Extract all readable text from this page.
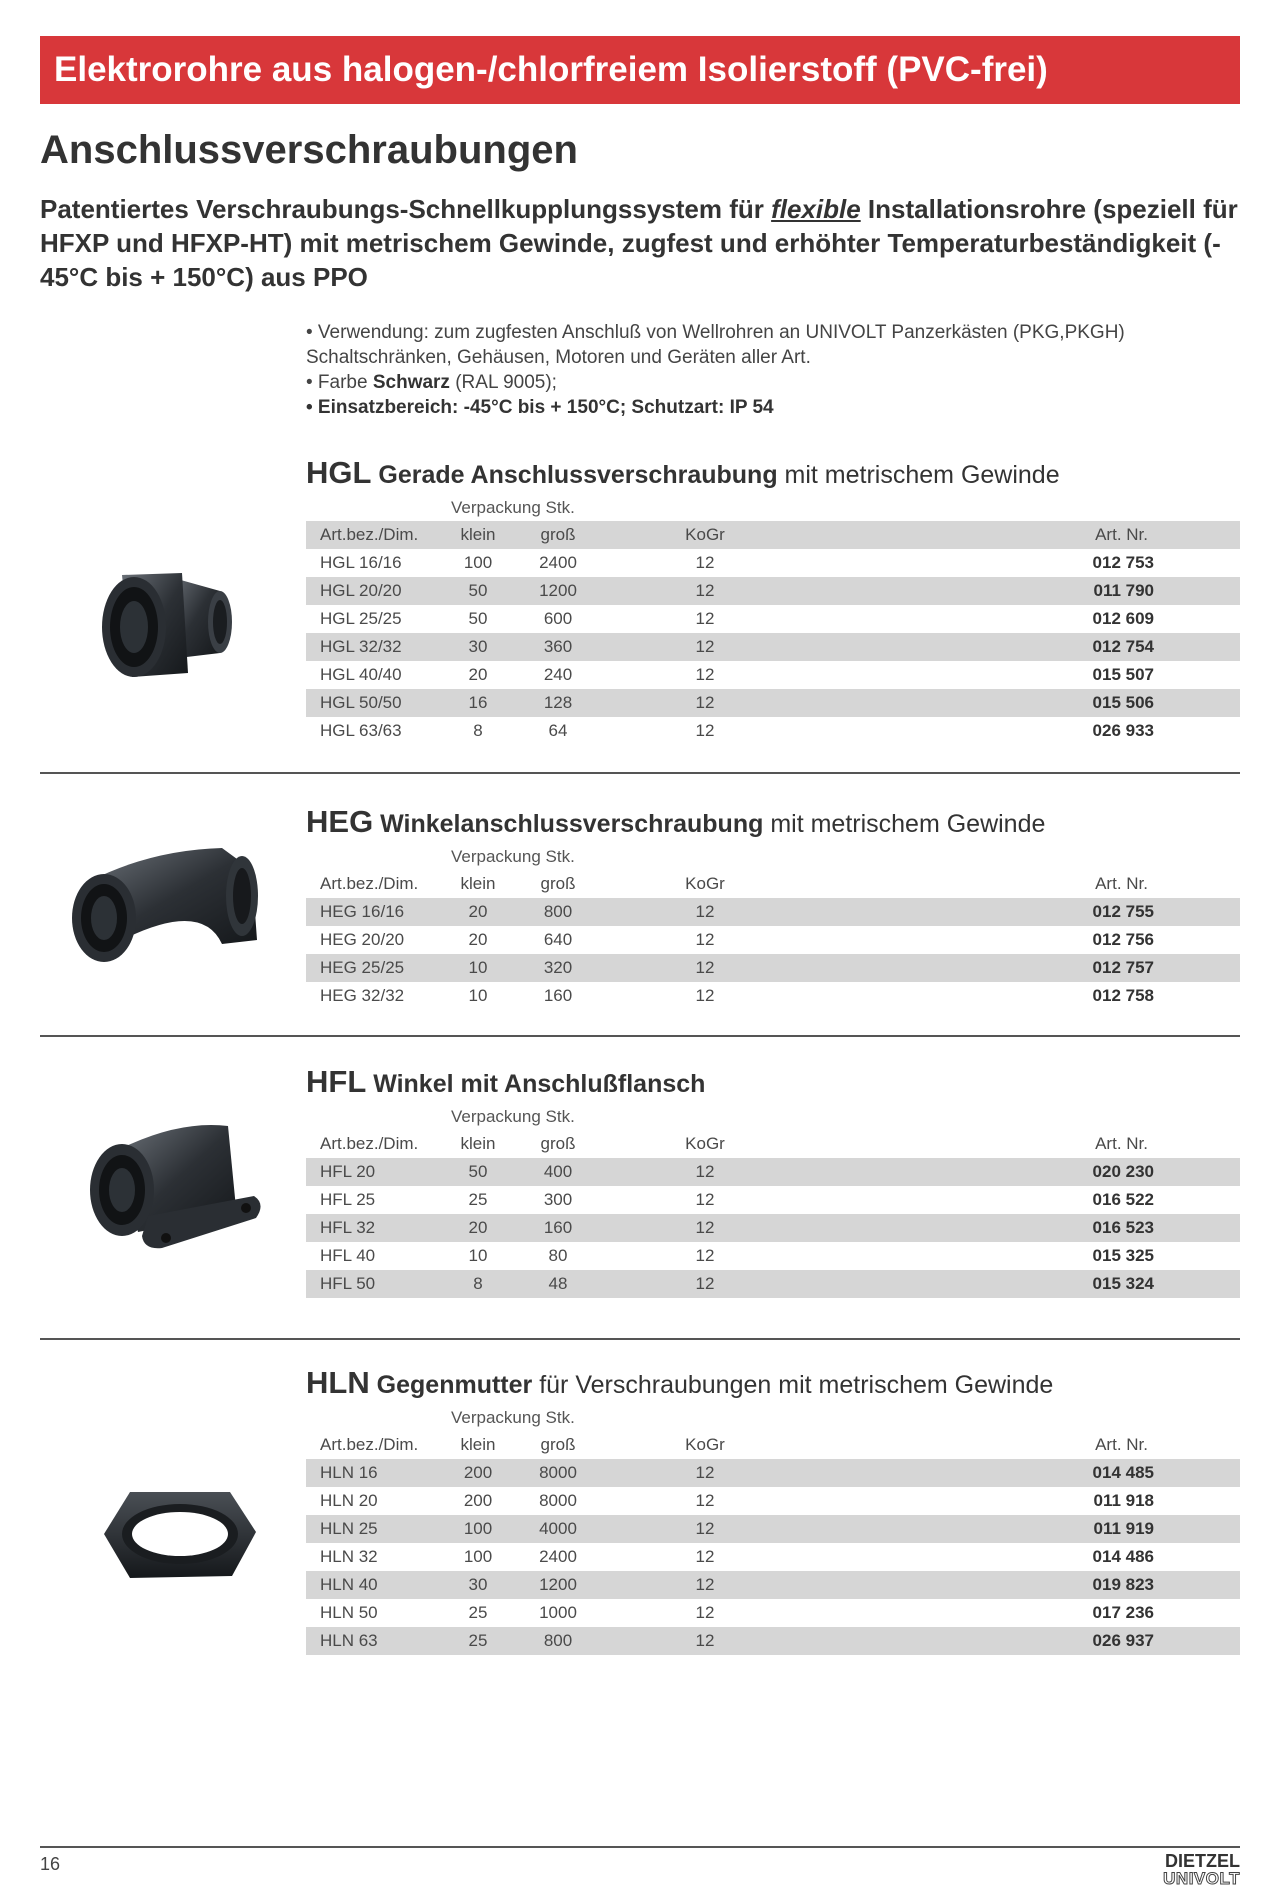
Elektrorohre aus halogen-/chlorfreiem Isolierstoff (PVC-frei)
Anschlussverschraubungen
Patentiertes Verschraubungs-Schnellkupplungssystem für flexible Installationsrohre (speziell für HFXP und HFXP-HT) mit metrischem Gewinde, zugfest und erhöhter Temperaturbeständigkeit (- 45°C bis + 150°C) aus PPO
• Verwendung: zum zugfesten Anschluß von Wellrohren an UNIVOLT Panzerkästen (PKG,PKGH) Schaltschränken, Gehäusen, Motoren und Geräten aller Art.
• Farbe Schwarz (RAL 9005);
• Einsatzbereich: -45°C bis + 150°C; Schutzart: IP 54
HGL Gerade Anschlussverschraubung mit metrischem Gewinde
Verpackung Stk.
Art.bez./Dim.	klein	groß	KoGr	Art. Nr.
HGL 16/16	100	2400	12	012 753
HGL 20/20	50	1200	12	011 790
HGL 25/25	50	600	12	012 609
HGL 32/32	30	360	12	012 754
HGL 40/40	20	240	12	015 507
HGL 50/50	16	128	12	015 506
HGL 63/63	8	64	12	026 933
HEG Winkelanschlussverschraubung mit metrischem Gewinde
Verpackung Stk.
Art.bez./Dim.	klein	groß	KoGr	Art. Nr.
HEG 16/16	20	800	12	012 755
HEG 20/20	20	640	12	012 756
HEG 25/25	10	320	12	012 757
HEG 32/32	10	160	12	012 758
HFL Winkel mit Anschlußflansch
Verpackung Stk.
Art.bez./Dim.	klein	groß	KoGr	Art. Nr.
HFL 20	50	400	12	020 230
HFL 25	25	300	12	016 522
HFL 32	20	160	12	016 523
HFL 40	10	80	12	015 325
HFL 50	8	48	12	015 324
HLN Gegenmutter für Verschraubungen mit metrischem Gewinde
Verpackung Stk.
Art.bez./Dim.	klein	groß	KoGr	Art. Nr.
HLN 16	200	8000	12	014 485
HLN 20	200	8000	12	011 918
HLN 25	100	4000	12	011 919
HLN 32	100	2400	12	014 486
HLN 40	30	1200	12	019 823
HLN 50	25	1000	12	017 236
HLN 63	25	800	12	026 937
16	DIETZEL
UNIVOLT
